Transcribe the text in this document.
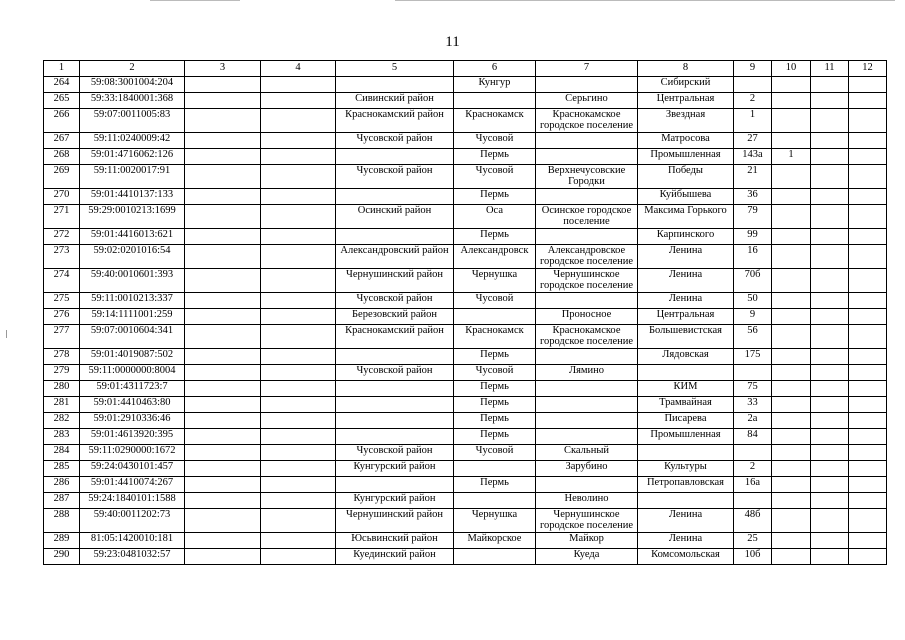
11
1	2	3	4	5	6	7	8	9	10	11	12
264	59:08:3001004:204				Кунгур		Сибирский				
265	59:33:1840001:368			Сивинский район		Серьгино	Центральная	2			
266	59:07:0011005:83			Краснокамский район	Краснокамск	Краснокамское городское поселение	Звездная	1			
267	59:11:0240009:42			Чусовской район	Чусовой		Матросова	27			
268	59:01:4716062:126				Пермь		Промышленная	143а	1		
269	59:11:0020017:91			Чусовской район	Чусовой	Верхнечусовские Городки	Победы	21			
270	59:01:4410137:133				Пермь		Куйбышева	36			
271	59:29:0010213:1699			Осинский район	Оса	Осинское городское поселение	Максима Горького	79			
272	59:01:4416013:621				Пермь		Карпинского	99			
273	59:02:0201016:54			Александровский район	Александровск	Александровское городское поселение	Ленина	16			
274	59:40:0010601:393			Чернушинский район	Чернушка	Чернушинское городское поселение	Ленина	70б			
275	59:11:0010213:337			Чусовской район	Чусовой		Ленина	50			
276	59:14:1111001:259			Березовский район		Проносное	Центральная	9			
277	59:07:0010604:341			Краснокамский район	Краснокамск	Краснокамское городское поселение	Большевистская	56			
278	59:01:4019087:502				Пермь		Лядовская	175			
279	59:11:0000000:8004			Чусовской район	Чусовой	Лямино					
280	59:01:4311723:7				Пермь		КИМ	75			
281	59:01:4410463:80				Пермь		Трамвайная	33			
282	59:01:2910336:46				Пермь		Писарева	2а			
283	59:01:4613920:395				Пермь		Промышленная	84			
284	59:11:0290000:1672			Чусовской район	Чусовой	Скальный					
285	59:24:0430101:457			Кунгурский район		Зарубино	Культуры	2			
286	59:01:4410074:267				Пермь		Петропавловская	16а			
287	59:24:1840101:1588			Кунгурский район		Неволино					
288	59:40:0011202:73			Чернушинский район	Чернушка	Чернушинское городское поселение	Ленина	48б			
289	81:05:1420010:181			Юсьвинский район	Майкорское	Майкор	Ленина	25			
290	59:23:0481032:57			Куединский район		Куеда	Комсомольская	10б			
